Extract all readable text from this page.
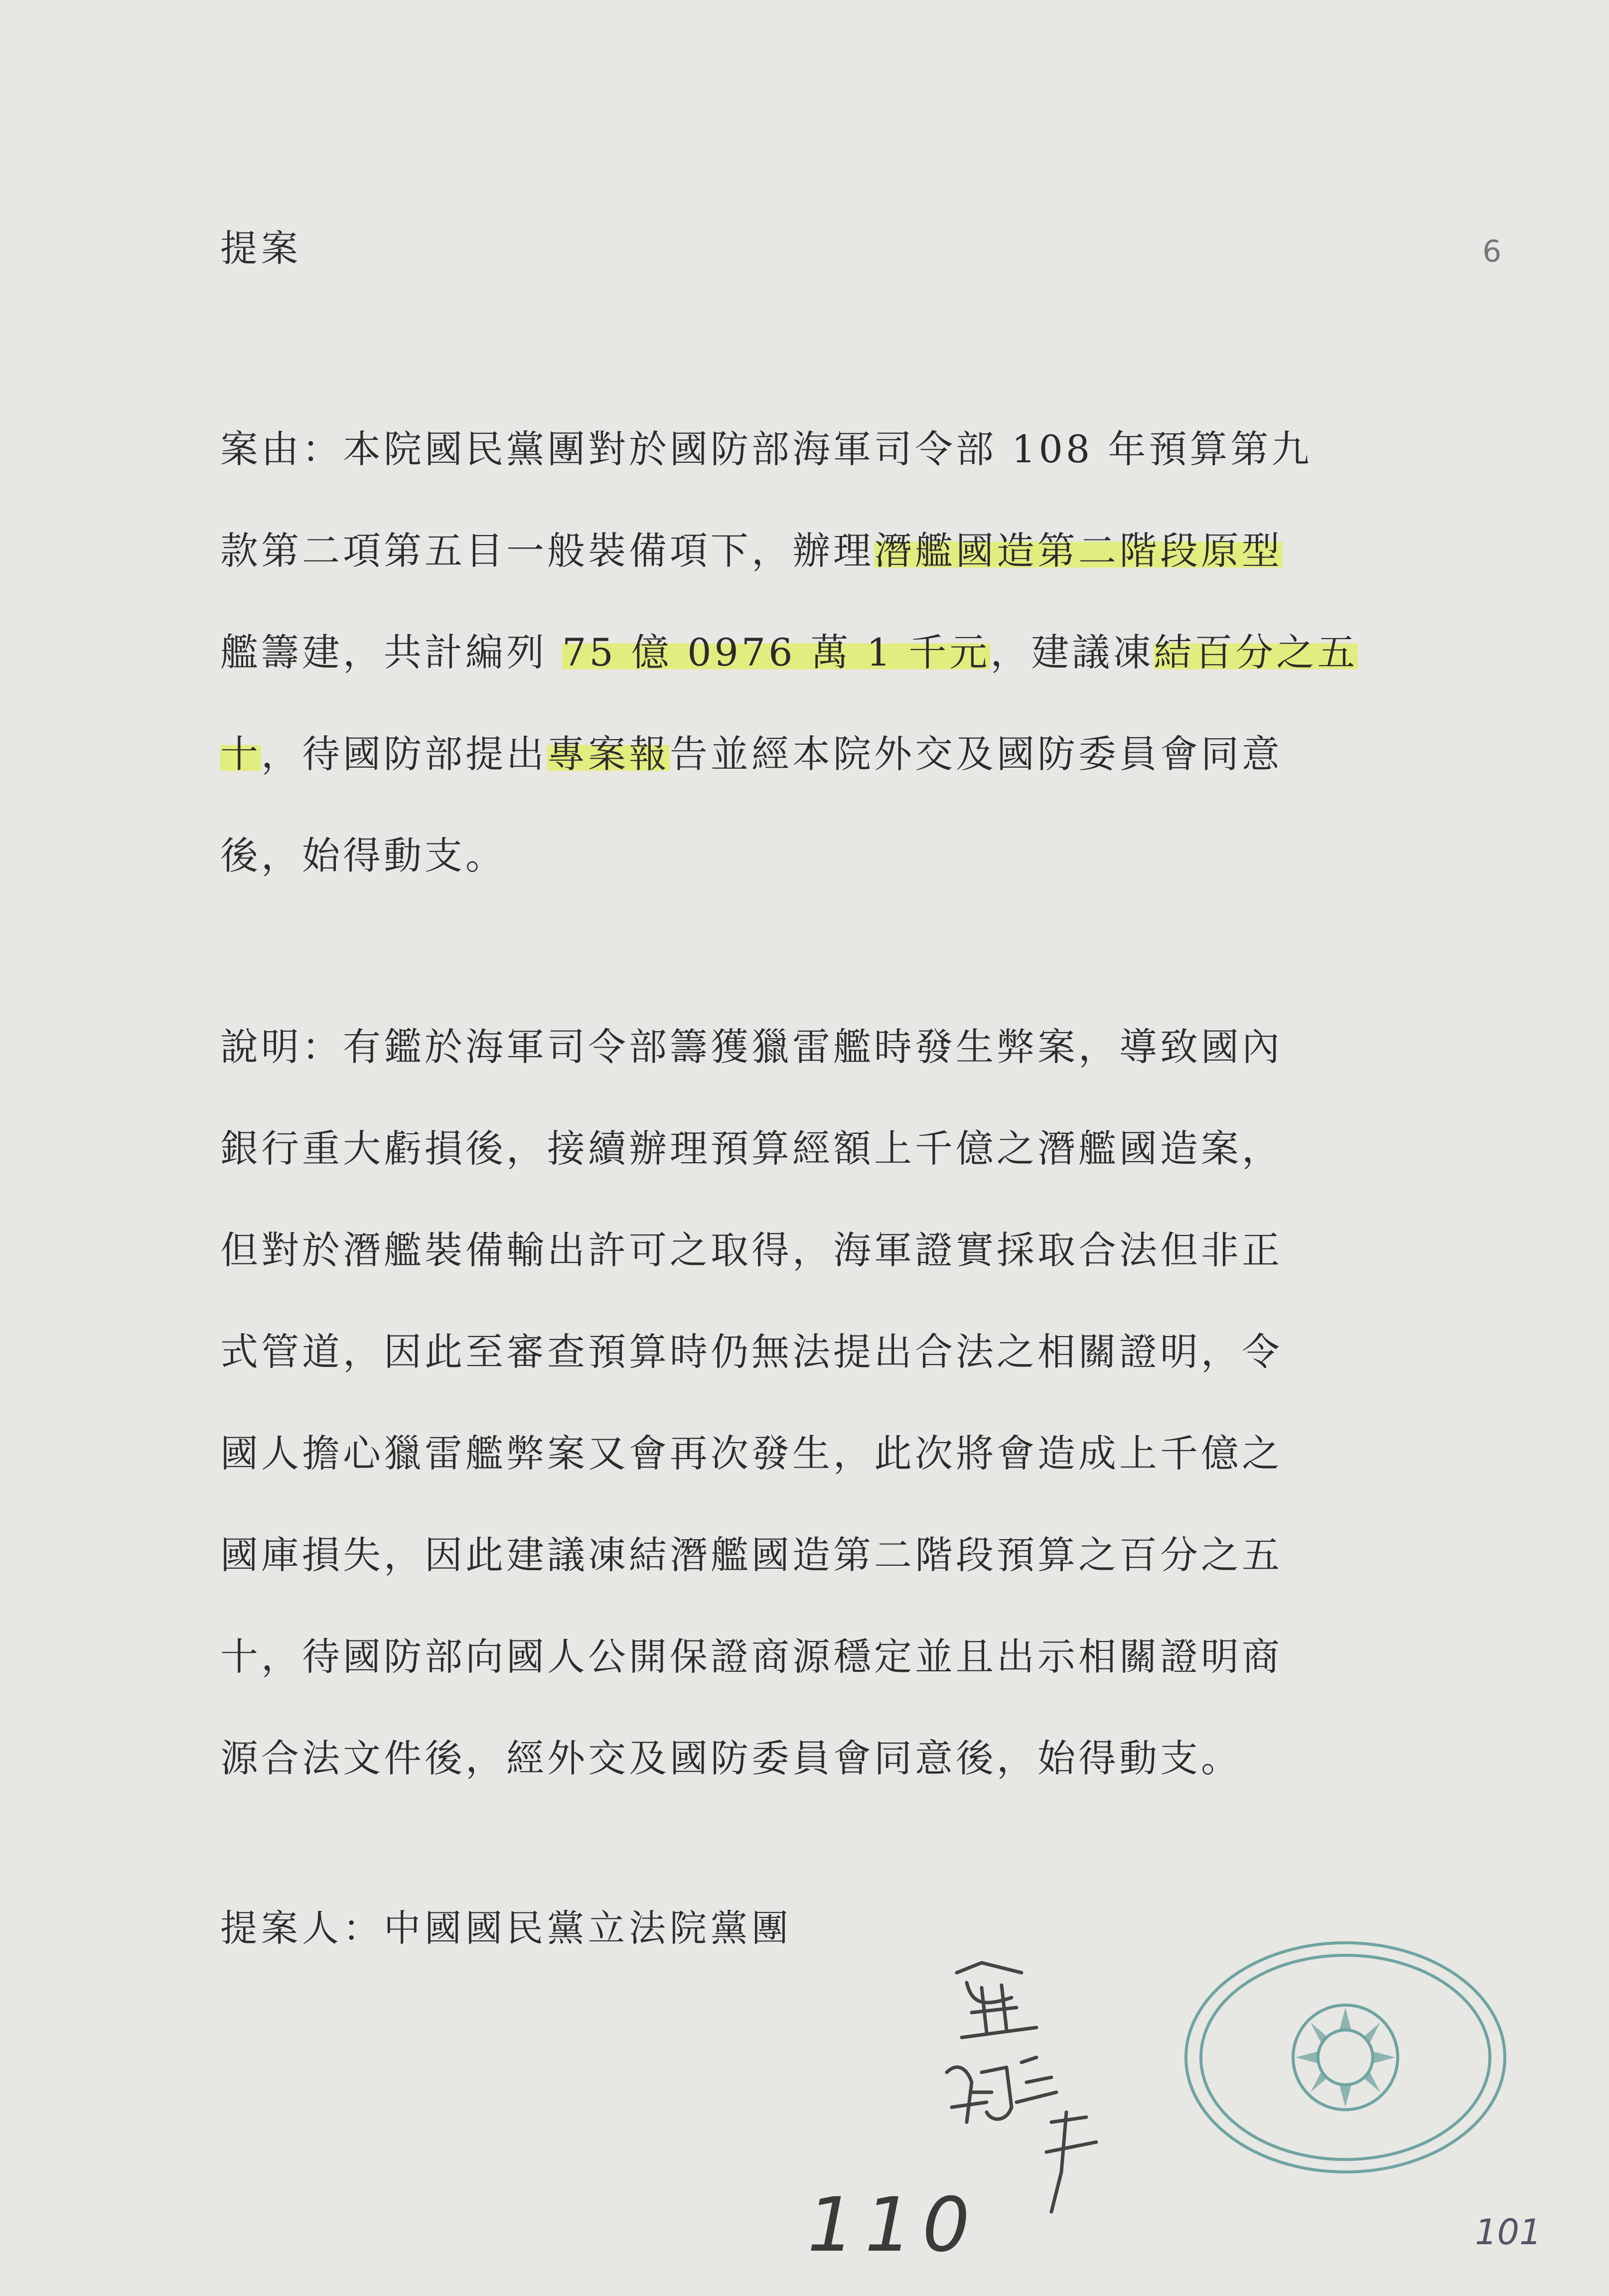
6
提案
案由：本院國民黨團對於國防部海軍司令部 108 年預算第九
款第二項第五目一般裝備項下，辦理潛艦國造第二階段原型
艦籌建，共計編列 75 億 0976 萬 1 千元，建議凍結百分之五
十，待國防部提出專案報告並經本院外交及國防委員會同意
後，始得動支。
說明：有鑑於海軍司令部籌獲獵雷艦時發生弊案，導致國內
銀行重大虧損後，接續辦理預算經額上千億之潛艦國造案，
但對於潛艦裝備輸出許可之取得，海軍證實採取合法但非正
式管道，因此至審查預算時仍無法提出合法之相關證明，令
國人擔心獵雷艦弊案又會再次發生，此次將會造成上千億之
國庫損失，因此建議凍結潛艦國造第二階段預算之百分之五
十，待國防部向國人公開保證商源穩定並且出示相關證明商
源合法文件後，經外交及國防委員會同意後，始得動支。
提案人：中國國民黨立法院黨團
110	101
